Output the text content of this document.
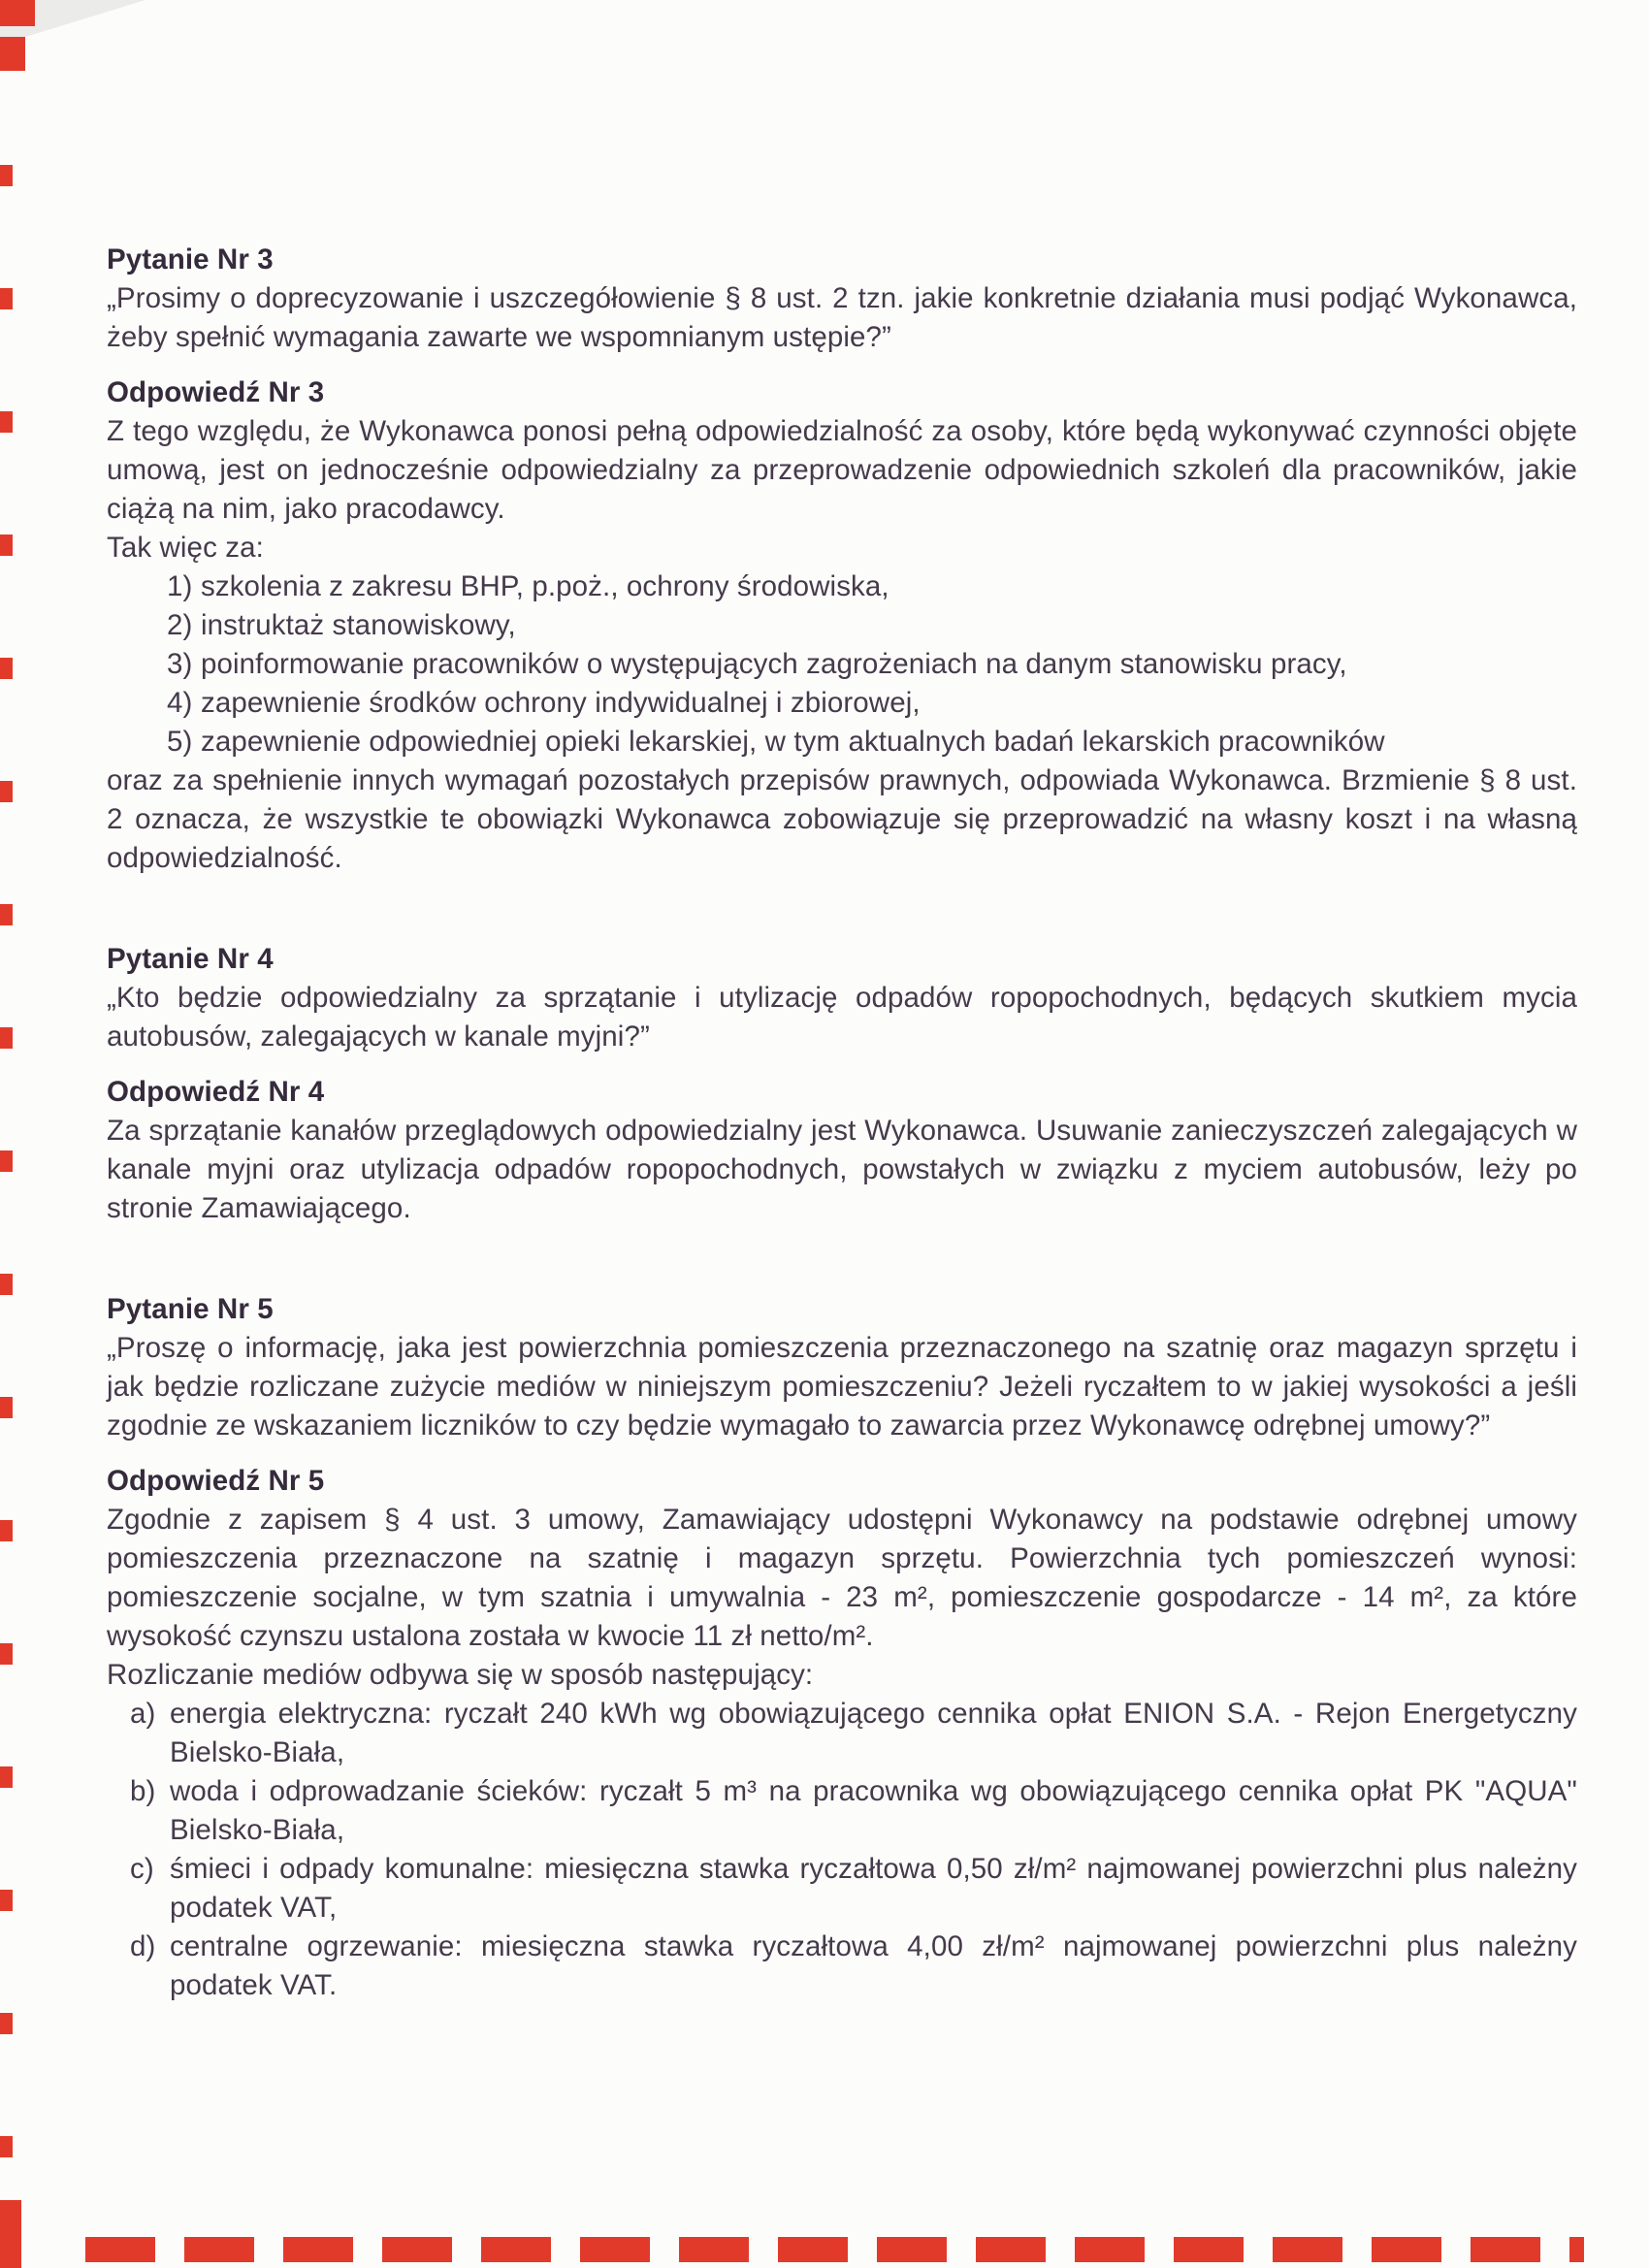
Pytanie Nr 3

„Prosimy o doprecyzowanie i uszczegółowienie § 8 ust. 2 tzn. jakie konkretnie działania musi podjąć Wykonawca, żeby spełnić wymagania zawarte we wspomnianym ustępie?”

Odpowiedź Nr 3

Z tego względu, że Wykonawca ponosi pełną odpowiedzialność za osoby, które będą wykonywać czynności objęte umową, jest on jednocześnie odpowiedzialny za przeprowadzenie odpowiednich szkoleń dla pracowników, jakie ciążą na nim, jako pracodawcy.

Tak więc za:

1) szkolenia z zakresu BHP, p.poż., ochrony środowiska,
2) instruktaż stanowiskowy,
3) poinformowanie pracowników o występujących zagrożeniach na danym stanowisku pracy,
4) zapewnienie środków ochrony indywidualnej i zbiorowej,
5) zapewnienie odpowiedniej opieki lekarskiej, w tym aktualnych badań lekarskich pracowników

oraz za spełnienie innych wymagań pozostałych przepisów prawnych, odpowiada Wykonawca. Brzmienie § 8 ust. 2 oznacza, że wszystkie te obowiązki Wykonawca zobowiązuje się przeprowadzić na własny koszt i na własną odpowiedzialność.

Pytanie Nr 4

„Kto będzie odpowiedzialny za sprzątanie i utylizację odpadów ropopochodnych, będących skutkiem mycia autobusów, zalegających w kanale myjni?”

Odpowiedź Nr 4

Za sprzątanie kanałów przeglądowych odpowiedzialny jest Wykonawca. Usuwanie zanieczyszczeń zalegających w kanale myjni oraz utylizacja odpadów ropopochodnych, powstałych w związku z myciem autobusów, leży po stronie Zamawiającego.

Pytanie Nr 5

„Proszę o informację, jaka jest powierzchnia pomieszczenia przeznaczonego na szatnię oraz magazyn sprzętu i jak będzie rozliczane zużycie mediów w niniejszym pomieszczeniu? Jeżeli ryczałtem to w jakiej wysokości a jeśli zgodnie ze wskazaniem liczników to czy będzie wymagało to zawarcia przez Wykonawcę odrębnej umowy?”

Odpowiedź Nr 5

Zgodnie z zapisem § 4 ust. 3 umowy, Zamawiający udostępni Wykonawcy na podstawie odrębnej umowy pomieszczenia przeznaczone na szatnię i magazyn sprzętu. Powierzchnia tych pomieszczeń wynosi: pomieszczenie socjalne, w tym szatnia i umywalnia - 23 m², pomieszczenie gospodarcze - 14 m², za które wysokość czynszu ustalona została w kwocie 11 zł netto/m².

Rozliczanie mediów odbywa się w sposób następujący:

a) energia elektryczna: ryczałt 240 kWh wg obowiązującego cennika opłat ENION S.A. - Rejon Energetyczny Bielsko-Biała,
b) woda i odprowadzanie ścieków: ryczałt 5 m³ na pracownika wg obowiązującego cennika opłat PK "AQUA" Bielsko-Biała,
c) śmieci i odpady komunalne: miesięczna stawka ryczałtowa 0,50 zł/m² najmowanej powierzchni plus należny podatek VAT,
d) centralne ogrzewanie: miesięczna stawka ryczałtowa 4,00 zł/m² najmowanej powierzchni plus należny podatek VAT.
